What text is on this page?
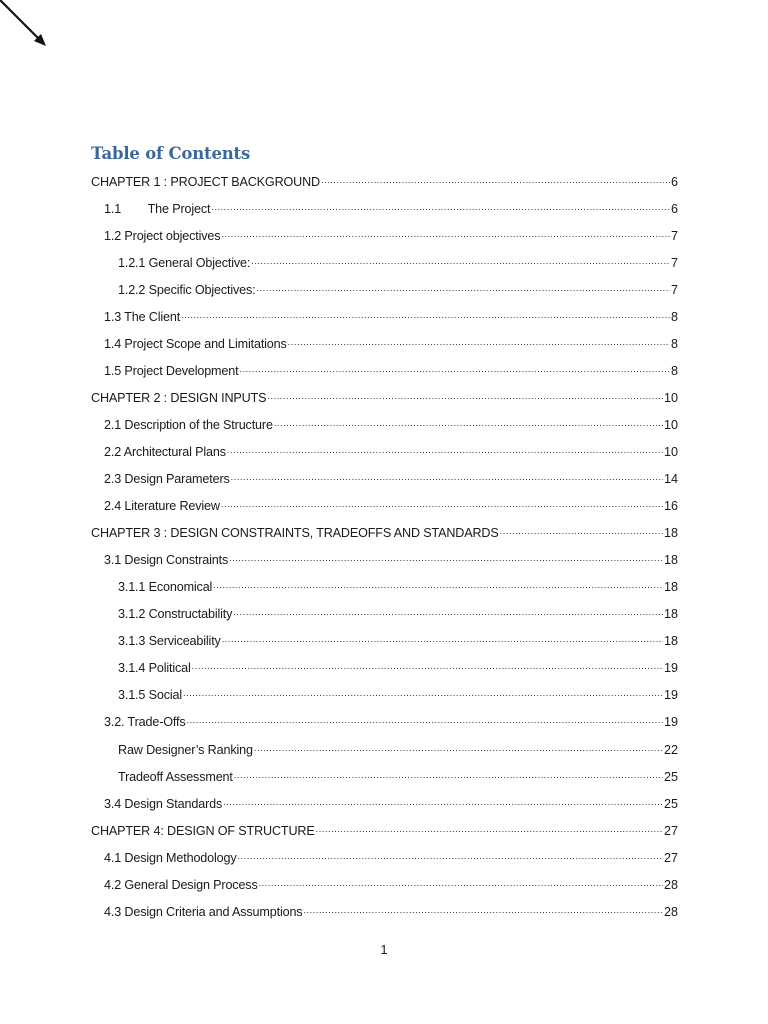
Table of Contents
CHAPTER 1 : PROJECT BACKGROUND .....	6
1.1        The Project .....	6
1.2 Project objectives .....	7
1.2.1 General Objective: .....	7
1.2.2 Specific Objectives: .....	7
1.3 The Client .....	8
1.4 Project Scope and Limitations .....	8
1.5 Project Development .....	8
CHAPTER 2 : DESIGN INPUTS .....	10
2.1 Description of the Structure .....	10
2.2 Architectural Plans .....	10
2.3 Design Parameters .....	14
2.4 Literature Review .....	16
CHAPTER 3 : DESIGN CONSTRAINTS, TRADEOFFS AND STANDARDS .....	18
3.1 Design Constraints .....	18
3.1.1 Economical .....	18
3.1.2 Constructability .....	18
3.1.3 Serviceability .....	18
3.1.4 Political .....	19
3.1.5 Social .....	19
3.2. Trade-Offs .....	19
Raw Designer’s Ranking .....	22
Tradeoff Assessment .....	25
3.4 Design Standards .....	25
CHAPTER 4: DESIGN OF STRUCTURE .....	27
4.1 Design Methodology .....	27
4.2 General Design Process .....	28
4.3 Design Criteria and Assumptions .....	28
1
